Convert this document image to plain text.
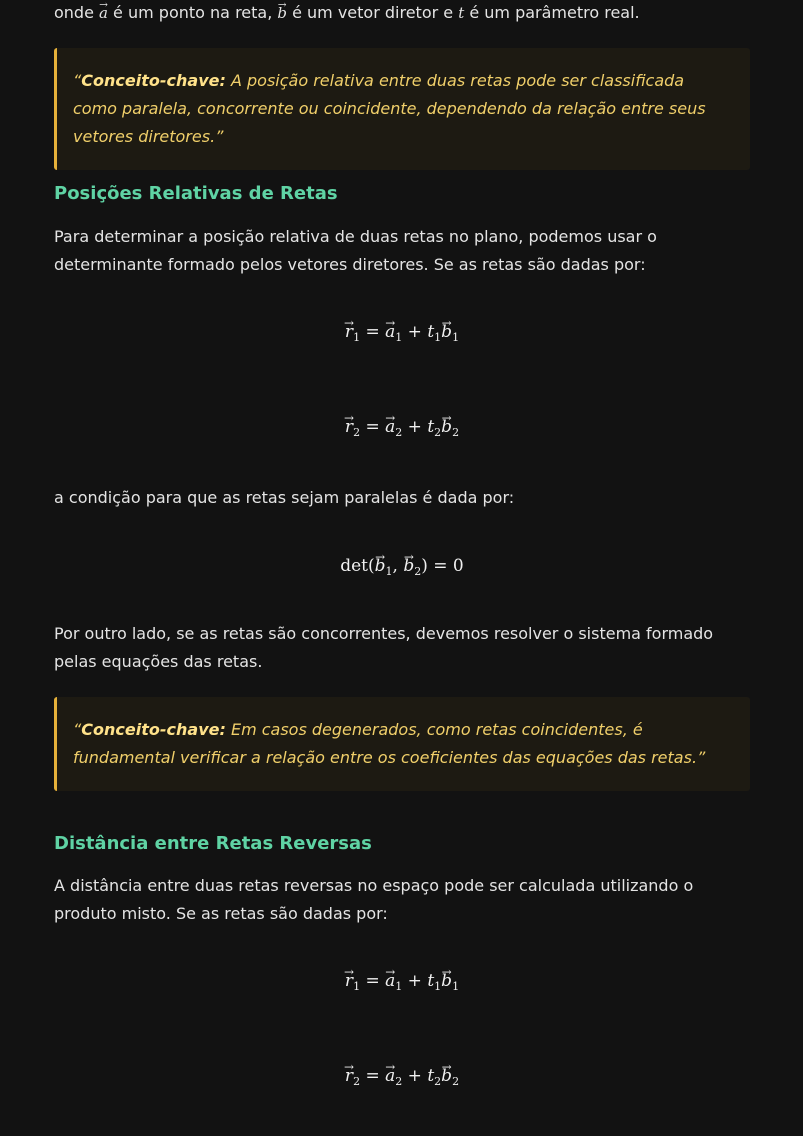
onde → a é um ponto na reta, → b é um vetor diretor e t é um parâmetro real.

“Conceito-chave: A posição relativa entre duas retas pode ser classificada como paralela, concorrente ou coincidente, dependendo da relação entre seus vetores diretores.”
Posições Relativas de Retas

Para determinar a posição relativa de duas retas no plano, podemos usar o determinante formado pelos vetores diretores. Se as retas são dadas por:

→ $r_1$ = → $a_1 + t_1\to b_1$
→ $r_2$ = → $a_2 + t_2\to b_2$

a condição para que as retas sejam paralelas é dada por:

$\det(\to b_1$, → $b_2) = 0$

Por outro lado, se as retas são concorrentes, devemos resolver o sistema formado pelas equações das retas.

“Conceito-chave: Em casos degenerados, como retas coincidentes, é fundamental verificar a relação entre os coeficientes das equações das retas.”
Distância entre Retas Reversas

A distância entre duas retas reversas no espaço pode ser calculada utilizando o produto misto. Se as retas são dadas por:

→ $r_1$ = → $a_1 + t_1\to b_1$
→ $r_2$ = → $a_2 + t_2\to b_2$
